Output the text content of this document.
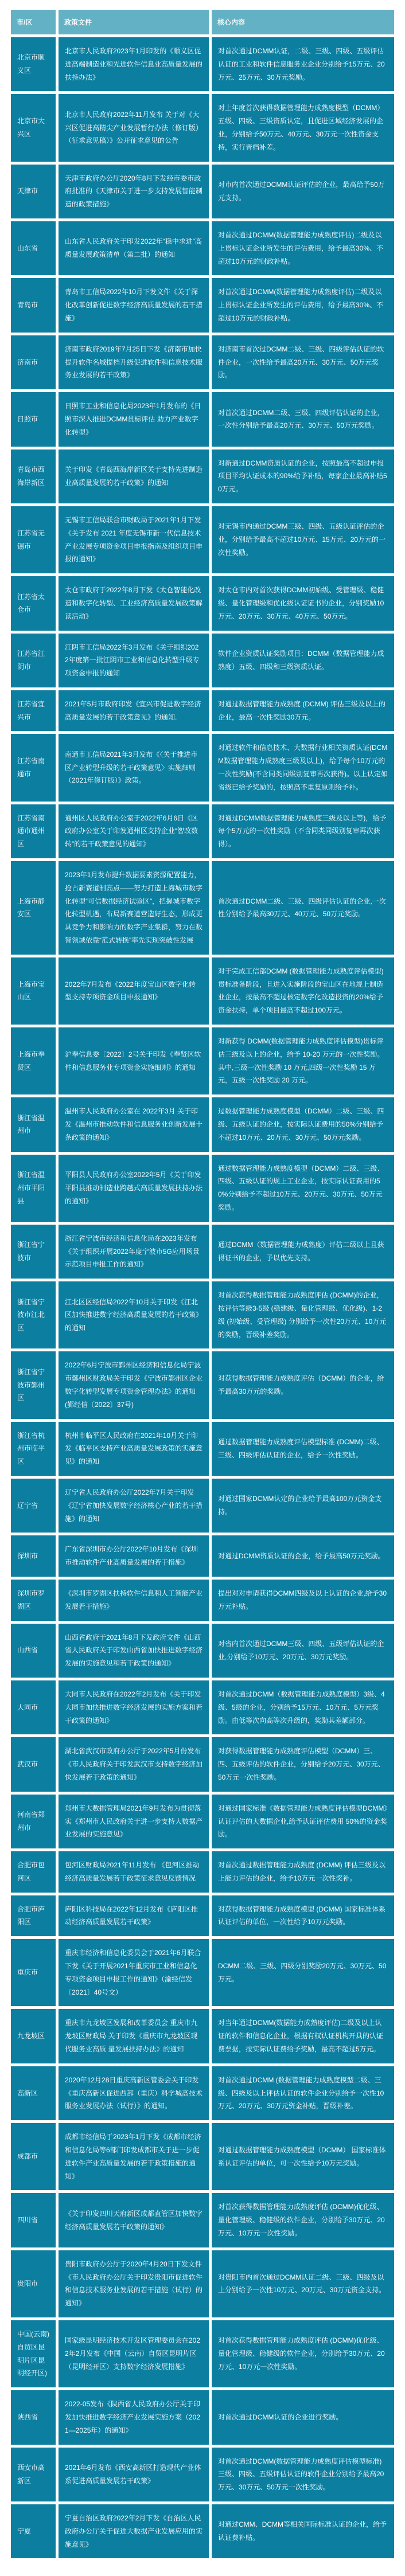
市/区	政策文件	核心内容
北京市顺义区	北京市人民政府2023年1月印发的《顺义区促进高端制造业和先进软件信息业高质量发展的扶持办法》	对首次通过DCMM认证，二级、三级、四级、五级评估认证的工业和软件信息服务业企业分别给予15万元、20万元、25万元、30万元奖励。
北京市大兴区	北京市人民政府2022年11月发布 关于对《大兴区促进高精尖产业发展暂行办法（修订版）（征求意见稿）》公开征求意见的公告	对上年度首次获得数据管理能力成熟度模型（DCMM）五级、四级、三级资质认定，且促进区域经济发展的企业，分别给予50万元、40万元、30万元一次性资金支持，实行晋档补差。
天津市	天津市政府办公厅2020年8月下发经市委市政府批准的《天津市关于进一步支持发展智能制造的政策措施》	对市内首次通过DCMM认证评估的企业，最高给予50万元支持。
山东省	山东省人民政府关于印发2022年“稳中求进”高质量发展政策清单（第二批）的通知	对首次通过DCMM(数据管理能力成熟度评估)二级及以上贯标认证企业所发生的评估费用，给予最高30%、不超过10万元的财政补贴。
青岛市	青岛市工信局2022年10月下发文件《关于深化改革创新促进数字经济高质量发展的若干措施》	对首次通过DCMM(数据管理能力成熟度评估)二级及以上贯标认证企业所发生的评估费用，给予最高30%、不超过10万元的财政补贴。
济南市	济南市政府2019年7月25日下发《济南市加快提升软件名城提档升级促进软件和信息技术服务业发展的若干政策》	对济南市首次过DCMM二级、三级、四级评估认证的软件企业，一次性给予最高20万元、30万元、50万元奖励。
日照市	日照市工业和信息化局2023年1月发布的《日照市深入推进DCMM贯标评估 助力产业数字化转型》	对首次通过DCMM二级、三级、四级评估认证的企业，一次性分别给予最高20万元、30万元、50万元奖励。
青岛市西海岸新区	关于印发《青岛西海岸新区关于支持先进制造业高质量发展的若干政策》的通知	对新通过DCMM资质认证的企业，按照最高不超过申报项目平均认证成本的90%给予补贴，每家企业最高补贴50万元。
江苏省无锡市	无锡市工信局联合市财政局于2021年1月下发《关于发布 2021 年度无锡市新一代信息技术产业发展专项资金项目申报指南及组织项目申报的通知》	对无锡市内通过DCMM三级、四级、五级认证评估的企业，分别给予最高不超过10万元、15万元、20万元的一次性奖励。
江苏省太仓市	太仓市政府于2022年8月下发《太仓智能化改造和数字化转型、工业经济高质量发展政策解读活动》	对太仓市内对首次获得DCMM初始级、受管理级、稳健级、量化管理级和优化级认证证书的企业，分别奖励10万元、20万元、30万元、40万元、50万元。
江苏省江阴市	江阴市工信局2022年3月发布《关于组织2022年度第一批江阴市工业和信息化转型升级专项资金申报的通知	软件企业资质认证奖励项目：DCMM（数据管理能力成熟度）五级、四级和三级资质认证。
江苏省宜兴市	2021年5月市政府印发《宜兴市促进数字经济高质量发展的若干政策意见》的通知.	对通过数据管理能力成熟度 (DCMM) 评估三级及以上的企业，最高一次性奖励30万元。
江苏省南通市	南通市工信局2021年3月发布《〈关于推进市区产业转型升级的若干政策意见〉实施细则（2021年修订版）》政策。	对通过软件和信息技术、大数据行业相关资质认证(DCMM数据管理能力成熟度三级及以上)，给予每个10万元的一次性奖励(不含同类同级别复审再次获得)。以上认定如省级已给予奖励的，按照高不重复原则给予补。
江苏省南通市通州区	通州区人民政府办公室于2022年6月6日《区政府办公室关于印发通州区支持企业“智改数转”的若干政策意见的通知》	对通过DCMM数据管理能力成熟度三级及以上等)，给予每个5万元的一次性奖励（不含同类同级别复审再次获得）。
上海市静安区	2023年1月发布提升数据要素资源配置能力，抢占新赛道制高点——努力打造上海城市数字化转型“可信数据经济试验区”，把握城市数字化转型机遇，布局新赛道营造好生态，形成更具竞争力和影响力的数字产业集群，努力在数智领域依靠“范式转换”率先实现突破性发展	首次通过DCMM二级、三级、四级评估认证的企业,一次性分别给予最高30万元、40万元、50万元奖励。
上海市宝山区	2022年7月发布《2022年度宝山区数字化转型支持专项资金项目申报通知》	对于完成工信部DCMM (数据管理能力成熟度评估模型) 贯标准备阶段，且进入实施阶段的宝山区在地规上制造业企业，按最高不超过核定数字化改造投资的20%给予资金扶持，单个项目最高不超过100万元。
上海市奉贤区	沪奉信息委〔2022〕2号关于印发《奉贤区软件和信息服务业专项资金实施细则》的通知	对新获得 DCMM(数据管理能力成熟度评估模型)贯标评估三级及以上的企业，给予 10-20 万元的一次性奖励。其中,三级一次性奖励 10 万元,四级一次性奖励 15 万元，五级一次性奖励 20 万元。
浙江省温州市	温州市人民政府办公室在 2022年3月 关于印发《温州市推动软件和信息服务业创新发展十条政策的通知》	过数据管理能力成熟度模型（DCMM）二级、三级、四级、五级认证的企业，按实际认证费用的50%分别给予不超过10万元、20万元、30万元、50万元奖励。
浙江省温州市平阳县	平阳县人民政府办公室2022年5月《关于印发平阳县推动制造业跨越式高质量发展扶持办法的通知》	通过数据管理能力成熟度模型（DCMM）二级、三级、四级、五级认证的规上工业企业，按实际认证费用的50%分别给予不超过10万元、20万元、30万元、50万元奖励。
浙江省宁波市	浙江省宁波市经济和信息化局在2023年发布《关于组织开展2022年度宁波市5G应用场景示范项目申报工作的通知》	通过DCMM（数据管理能力成熟度）评估二级以上且获得证书的企业，予以优先支持。
浙江省宁波市江北区	江北区区经信局2022年10月关于印发《江北区加快推进数字经济高质量发展的若干政策》的通知	对首次获得数据管理能力成熟度评估 (DCMM)的企业，按评估等级3-5级 (稳建级、量化管理级、优化级)、1-2级 (初始级、受管理级) 分别给予一次性20万元、10万元的奖励，晋级补差奖励。
浙江省宁波市鄞州区	2022年6月宁波市鄞州区经济和信息化局宁波市鄞州区财政局关于印发《宁波市鄞州区企业数字化转型发展专项资金管理办法》的通知 (鄞经信〔2022〕37号)	对获得数据管理能力成熟度评估（DCMM）的企业，给予最高30万元的奖励。
浙江省杭州市临平区	杭州市临平区人民政府在2021年10月关于印发《临平区支持产业高质量发展政策的实施意见》的通知	通过数据管理能力成熟度评估模型标准 (DCMM)二级、三级、四级评估认证的企业，给予一次性奖励。
辽宁省	辽宁省人民政府办公厅2022年7月关于印发《辽宁省加快发展数字经济核心产业的若干措施》的通知	对通过国家DCMM认定的企业给予最高100万元资金支持。
深圳市	广东省深圳市办公厅2022年10月发布《深圳市推动软件产业高质量发展的若干措施》	对通过DCMM资质认证的企业，给予最高50万元奖励。
深圳市罗湖区	《深圳市罗湖区扶持软件信息和人工智能产业发展若干措施》	提出对对申请获得DCMM四级及以上认证的企业,给予30万元补贴。
山西省	山西省政府于2021年8月下发政府文件《山西省人民政府关于印发山西省加快推进数字经济发展的实施意见和若干政策的通知》	对省内首次通过DCMM三级、四级、五级评估认证的企业,分别给予10万元、20万元、30万元奖励。
大同市	大同市人民政府在2022年2月发布《关于印发大同市加快推进数字经济发展的实施方案和若干政策的通知》	对首次通过DCMM（数据管理能力成熟度模型）3级、4级、5级的企业，分别给予15万元、10万元、5万元奖励。由低等次向高等次升级的，奖励其差额部分。
武汉市	湖北省武汉市政府办公厅于2022年5月份发布《市人民政府关于印发武汉市支持数字经济加快发展若干政策的通知》	对获得数据管理能力成熟度评估模型（DCMM）三、四、五级评估的软件企业，分别给予20万元、30万元、50万元一次性奖励。
河南省郑州市	郑州市大数据管理局2021年9月发布为贯彻落实《郑州市人民政府关于进一步支持大数据产业发展的实施意见》	对通过国家标准《数据管理能力成熟度评估模型DCMM》认证评估的大数据企业,给予认证评估费用 50%的资金奖励。
合肥市包河区	包河区财政局2021年11月发布 《包河区推动经济高质量发展若干政策征求意见反馈情况	对首次通过数据管理能力成熟度 (DCMM) 评估三级及以上能力评估的企业，给予10万元一次性奖补。
合肥市庐阳区	庐阳区科技局在2022年12月发布《庐阳区推动经济高质量发展若干政策》	对获得数据管理能力成熟度模型 (DCMM) 国家标准体系认证评估的单位，一次性给予10万元奖励。
重庆市	重庆市经济和信息化委员会于2021年6月联合下发《关于开展2021年重庆市工业和信息化专项资金项目申报工作的通知》（渝经信发〔2021〕40号文）	DCMM二级、三级、四级分别奖励20万元、30万元、50万元。
九龙坡区	重庆市九龙坡区发展和改革委员会 重庆市九龙坡区财政局 关于印发《重庆市九龙坡区现代服务业高质 量发展扶持办法》的通知	对当年通过DCMM(数据能力成熟度评估)二级及以上认证的软件和信息化企业，根据有权认证机构开具的认证费票据，按实际认证费给予奖励，最高不超过5万元。
高新区	2020年12月28日重庆高新区管委会关于印发《重庆高新区促进西部（重庆）科学城高技术服务业发展办法（试行）》的通知。	对首次通过DCMM (数据管理能力成熟度模型二级、三级、四级及以上评估认证的软件企业分别给予一次性10万元、20万元、30万元资金补贴，晋级补差。
成都市	成都市经信局于2023年1月下发《成都市经济和信息化局等6部门印发成都市关于进一步促进软件产业高质量发展的若干政策措施的通知》	对通过数据管理能力成熟度模型（DCMM） 国家标准体系认证评估的单位，可一次性给予10万元奖励。
四川省	《关于印发四川天府新区成都直管区加快数字经济高质量发展若干政策的通知》	对首次获得数据管理能力成熟度评估 (DCMM)优化级、量化管理级、稳健级的软件企业，分别给予30万元、20万元、10万元一次性奖励。
贵阳市	贵阳市政府办公厅于2020年4月20日下发文件《市人民政府办公厅关于印发贵阳市促进软件和信息技术服务业发展的若干措施（试行）的通知》	对贵阳市内首次通过DCMM认证二级、三级、四级及以上分别给予一次性10万元、20万元、30万元资金支持。
中国(云南)自贸区昆明片区昆明经开区)	国家级昆明经济技术开发区管理委员会在2022年2月发布《中国（云南）自贸区昆明片区（昆明经开区）支持数字经济发展措施》	对首次获得数据管理能力成熟度评估 (DCMM)优化级、量化管理级、稳健级的软件企业，分别给予30万元、20万元、10万元一次性奖励。
陕西省	2022-05发布《陕西省人民政府办公厅关于印发加快推进数字经济产业发展实施方案（2021—2025年）的通知》	对首次通过DCMM认证的企业进行奖励。
西安市高新区	2021年6月发布《西安高新区打造现代产业体系促进高质量发展若干政策》	对首次通过DCMM(数据管理能力成熟度评估模型标准)三级、四级、五级评估认证的软件企业分别给予最高20万元、30万元、50万元一次性奖励。
宁夏	宁夏自治区政府2022年2月下发《自治区人民政府办公厅关于促进大数据产业发展应用的实施意见》	对通过CMM、DCMM等相关国际标准认证的企业，给予认证费补贴。
